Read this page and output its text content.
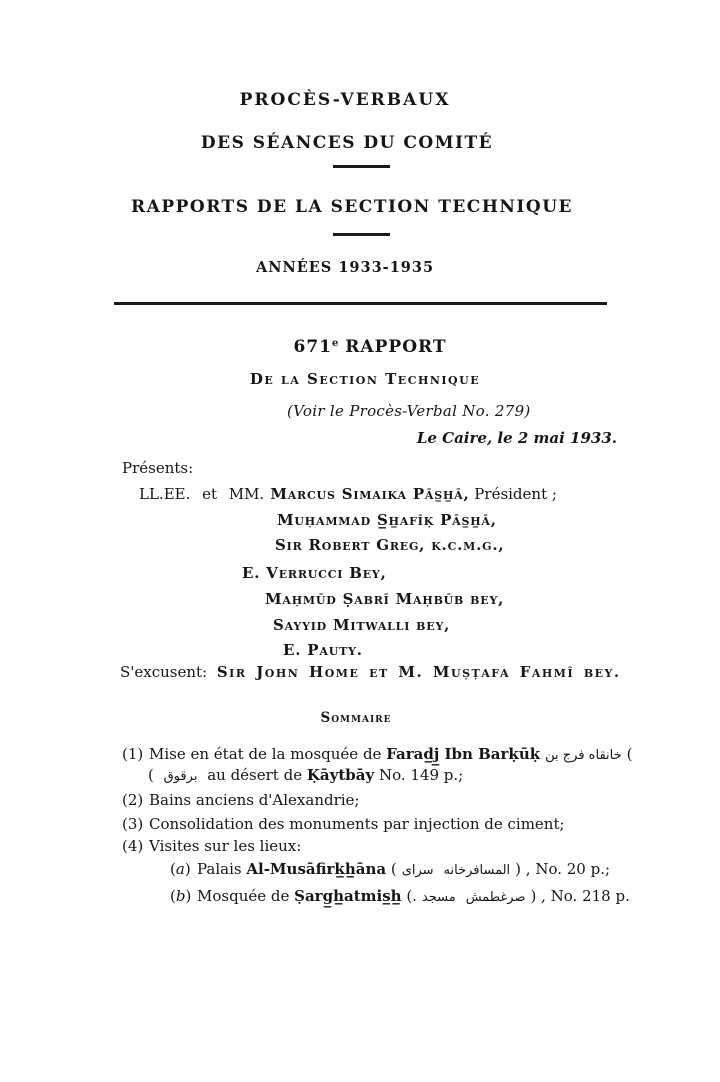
PROCÈS-VERBAUX
DES SÉANCES DU COMITÉ
RAPPORTS DE LA SECTION TECHNIQUE
ANNÉES 1933-1935
671e RAPPORT
De la Section Technique
(Voir le Procès-Verbal No. 279)
Le Caire, le 2 mai 1933.
Présents:
LL.EE. et MM. Marcus Simaika Pās̲h̲ā, Président ;
Muḥammad S̲h̲afīḳ Pās̲h̲ā,
Sir Robert Greg, k.c.m.g.,
E. Verrucci Bey,
Maḥmūd Ṣabrī Maḥbūb bey,
Sayyid Mitwalli bey,
E. Pauty.
S'excusent: Sir John Home et M. Muṣṭafa Fahmî bey.
Sommaire
(1) Mise en état de la mosquée de Farad̲j̲ Ibn Barḳūḳ خانقاه فرج بن (
( برقوق au désert de Ḳāytbāy No. 149 p.;
(2) Bains anciens d'Alexandrie;
(3) Consolidation des monuments par injection de ciment;
(4) Visites sur les lieux:
(a)Palais Al-Musāfirk̲h̲āna ( سراى المسافرخانه ) , No. 20 p.;
(b)Mosquée de Ṣarg̲h̲atmis̲h̲ (. مسجد صرغطمش ) , No. 218 p.
